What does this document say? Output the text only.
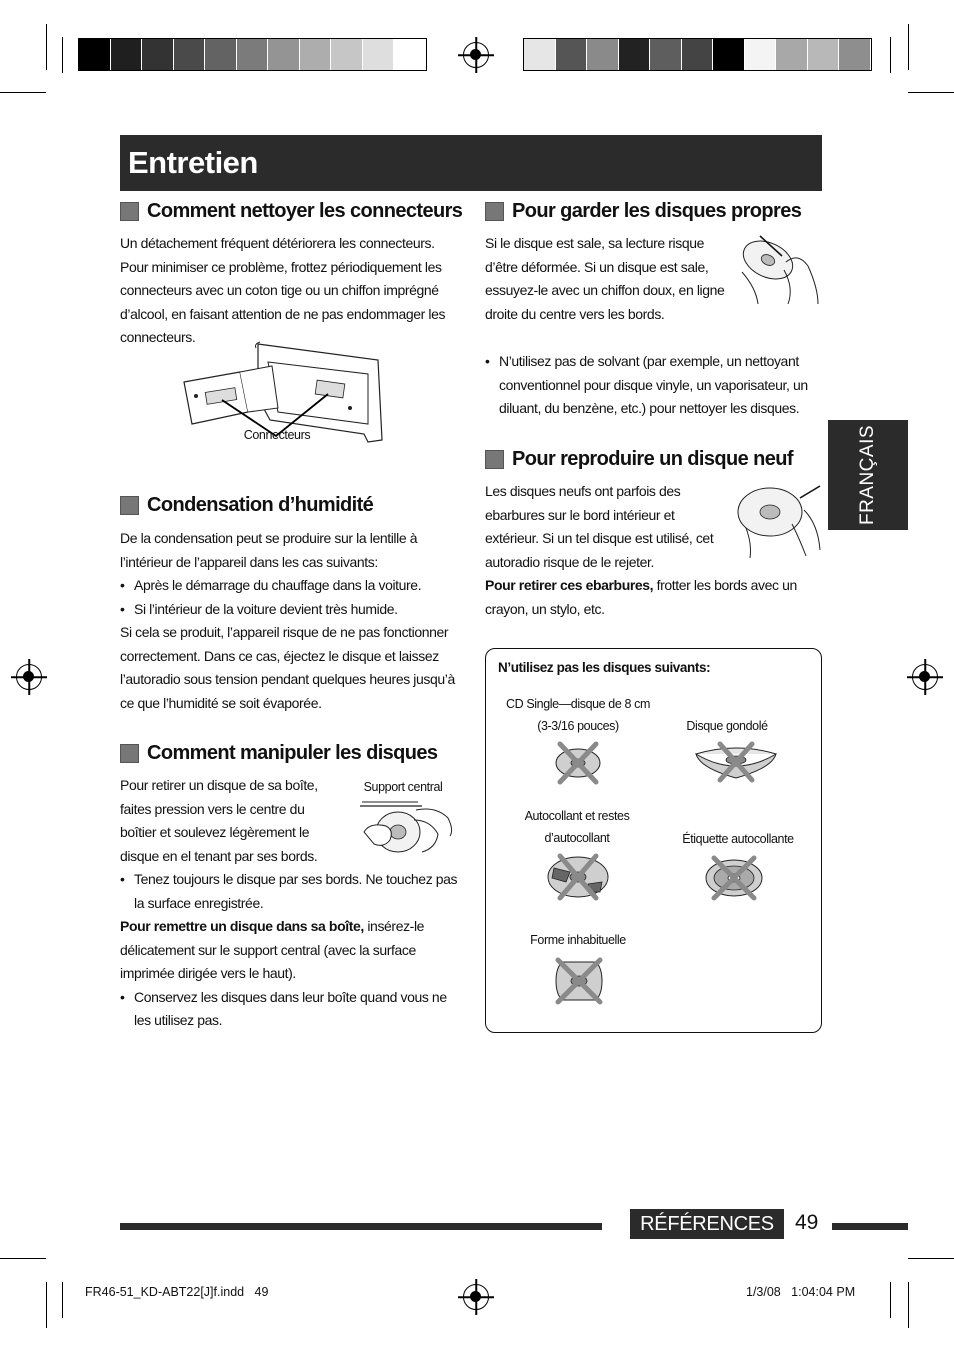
Entretien
FRANÇAIS
Comment nettoyer les connecteurs

Un détachement fréquent détériorera les connecteurs. Pour minimiser ce problème, frottez périodiquement les connecteurs avec un coton tige ou un chiffon imprégné d’alcool, en faisant attention de ne pas endommager les connecteurs.

Connecteurs
Condensation d’humidité

De la condensation peut se produire sur la lentille à l’intérieur de l’appareil dans les cas suivants:

• Après le démarrage du chauffage dans la voiture.

• Si l’intérieur de la voiture devient très humide.

Si cela se produit, l’appareil risque de ne pas fonctionner correctement. Dans ce cas, éjectez le disque et laissez l’autoradio sous tension pendant quelques heures jusqu’à ce que l’humidité se soit évaporée.

Comment manipuler les disques

Pour retirer un disque de sa boîte, faites pression vers le centre du boîtier et soulevez légèrement le disque en el tenant par ses bords.

Support central

• Tenez toujours le disque par ses bords. Ne touchez pas la surface enregistrée.

Pour remettre un disque dans sa boîte, insérez-le délicatement sur le support central (avec la surface imprimée dirigée vers le haut).

• Conservez les disques dans leur boîte quand vous ne les utilisez pas.

Pour garder les disques propres

Si le disque est sale, sa lecture risque d’être déformée. Si un disque est sale, essuyez-le avec un chiffon doux, en ligne droite du centre vers les bords.

• N’utilisez pas de solvant (par exemple, un nettoyant conventionnel pour disque vinyle, un vaporisateur, un diluant, du benzène, etc.) pour nettoyer les disques.

Pour reproduire un disque neuf

Les disques neufs ont parfois des ebarbures sur le bord intérieur et extérieur. Si un tel disque est utilisé, cet autoradio risque de le rejeter.

Pour retirer ces ebarbures, frotter les bords avec un crayon, un stylo, etc.

N’utilisez pas les disques suivants:
CD Single—disque de 8 cm (3-3/16 pouces)	Disque gondolé
Autocollant et restes d’autocollant	Étiquette autocollante
Forme inhabituelle
RÉFÉRENCES	49
FR46-51_KD-ABT22[J]f.indd   49	1/3/08   1:04:04 PM
